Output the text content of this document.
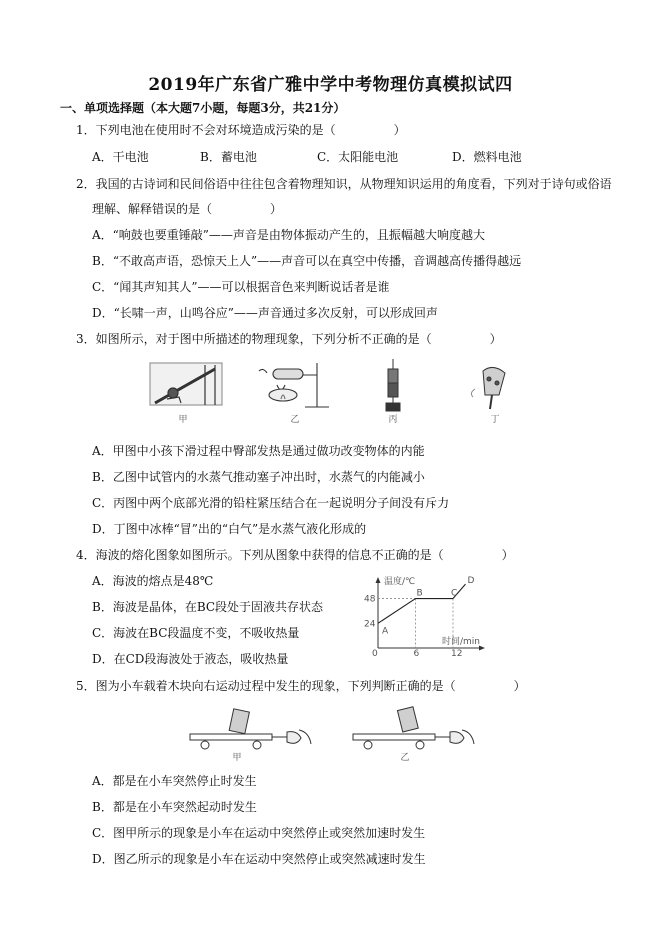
2019年广东省广雅中学中考物理仿真模拟试四
一、单项选择题（本大题7小题，每题3分，共21分）
1．下列电池在使用时不会对环境造成污染的是（	）
A．干电池	B．蓄电池	C．太阳能电池	D．燃料电池
2．我国的古诗词和民间俗语中往往包含着物理知识，从物理知识运用的角度看，下列对于诗句或俗语
理解、解释错误的是（	）
A．“响鼓也要重锤敲”——声音是由物体振动产生的，且振幅越大响度越大
B．“不敢高声语，恐惊天上人”——声音可以在真空中传播，音调越高传播得越远
C．“闻其声知其人”——可以根据音色来判断说话者是谁
D．“长啸一声，山鸣谷应”——声音通过多次反射，可以形成回声
3．如图所示，对于图中所描述的物理现象，下列分析不正确的是（	）
甲	乙	丙	丁
A．甲图中小孩下滑过程中臀部发热是通过做功改变物体的内能
B．乙图中试管内的水蒸气推动塞子冲出时，水蒸气的内能减小
C．丙图中两个底部光滑的铅柱紧压结合在一起说明分子间没有斥力
D．丁图中冰棒“冒”出的“白气”是水蒸气液化形成的
4．海波的熔化图象如图所示。下列从图象中获得的信息不正确的是（	）
A．海波的熔点是48℃
B．海波是晶体，在BC段处于固液共存状态
C．海波在BC段温度不变，不吸收热量
D．在CD段海波处于液态，吸收热量
温度/℃
时间/min
A
B	C
D
0	6	12
24
48
5．图为小车载着木块向右运动过程中发生的现象，下列判断正确的是（	）
甲	乙
A．都是在小车突然停止时发生
B．都是在小车突然起动时发生
C．图甲所示的现象是小车在运动中突然停止或突然加速时发生
D．图乙所示的现象是小车在运动中突然停止或突然减速时发生
